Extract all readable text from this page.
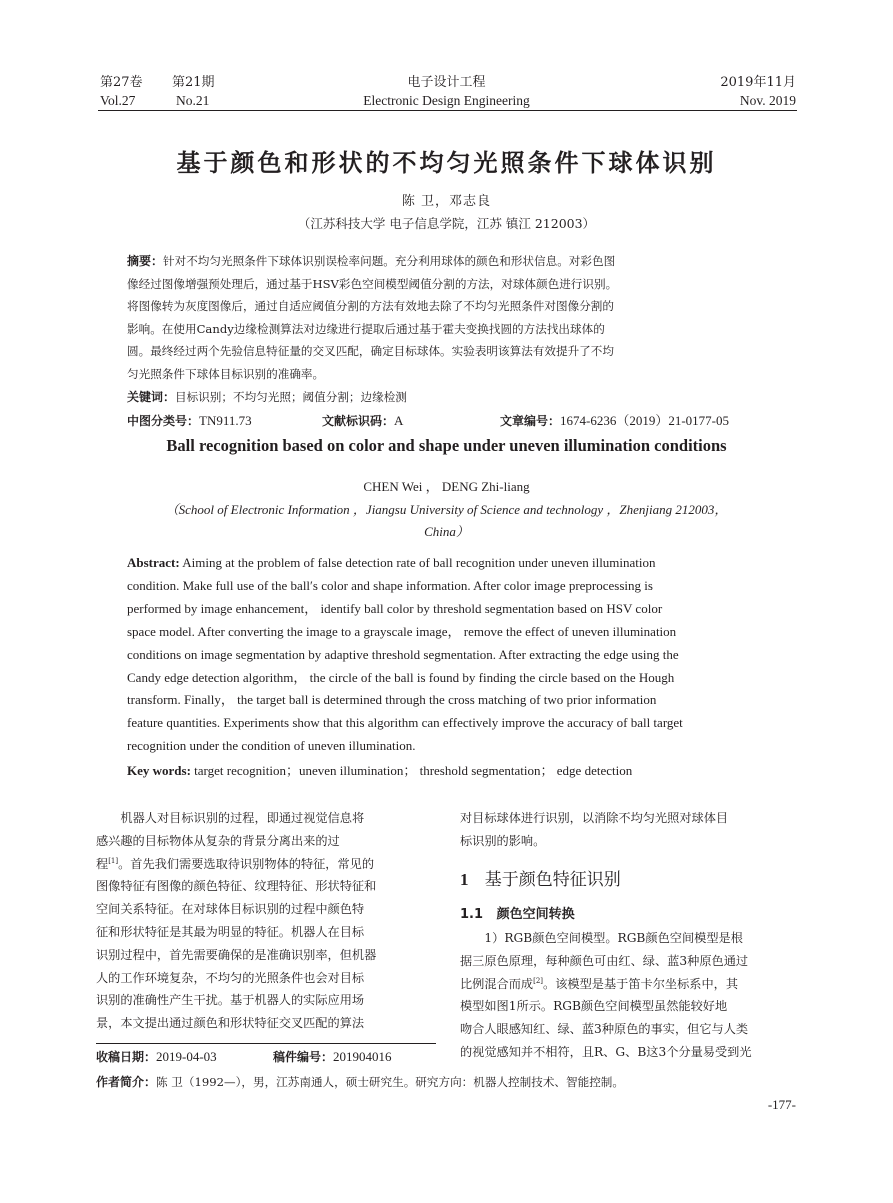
第27卷 第21期
Vol.27	No.21
电子设计工程
Electronic Design Engineering
2019年11月
Nov. 2019
基于颜色和形状的不均匀光照条件下球体识别
陈 卫，邓志良
（江苏科技大学 电子信息学院，江苏 镇江 212003）
摘要：针对不均匀光照条件下球体识别误检率问题。充分利用球体的颜色和形状信息。对彩色图
像经过图像增强预处理后，通过基于HSV彩色空间模型阈值分割的方法，对球体颜色进行识别。
将图像转为灰度图像后，通过自适应阈值分割的方法有效地去除了不均匀光照条件对图像分割的
影响。在使用Candy边缘检测算法对边缘进行提取后通过基于霍夫变换找圆的方法找出球体的
圆。最终经过两个先验信息特征量的交叉匹配，确定目标球体。实验表明该算法有效提升了不均
匀光照条件下球体目标识别的准确率。
关键词：目标识别；不均匀光照；阈值分割；边缘检测
中图分类号：TN911.73	文献标识码：A	文章编号：1674-6236（2019）21-0177-05
Ball recognition based on color and shape under uneven illumination conditions
CHEN Wei ， DENG Zhi-liang
（School of Electronic Information ，Jiangsu University of Science and technology ，Zhenjiang 212003，
China）
Abstract: Aiming at the problem of false detection rate of ball recognition under uneven illumination
condition. Make full use of the ball′s color and shape information. After color image preprocessing is
performed by image enhancement， identify ball color by threshold segmentation based on HSV color
space model. After converting the image to a grayscale image， remove the effect of uneven illumination
conditions on image segmentation by adaptive threshold segmentation. After extracting the edge using the
Candy edge detection algorithm， the circle of the ball is found by finding the circle based on the Hough
transform. Finally， the target ball is determined through the cross matching of two prior information
feature quantities. Experiments show that this algorithm can effectively improve the accuracy of ball target
recognition under the condition of uneven illumination.
Key words: target recognition；uneven illumination； threshold segmentation； edge detection
机器人对目标识别的过程，即通过视觉信息将
感兴趣的目标物体从复杂的背景分离出来的过
程[1]。首先我们需要选取待识别物体的特征，常见的
图像特征有图像的颜色特征、纹理特征、形状特征和
空间关系特征。在对球体目标识别的过程中颜色特
征和形状特征是其最为明显的特征。机器人在目标
识别过程中，首先需要确保的是准确识别率，但机器
人的工作环境复杂，不均匀的光照条件也会对目标
识别的准确性产生干扰。基于机器人的实际应用场
景，本文提出通过颜色和形状特征交叉匹配的算法
收稿日期：2019-04-03	稿件编号：201904016
作者简介：陈 卫（1992—），男，江苏南通人，硕士研究生。研究方向：机器人控制技术、智能控制。
对目标球体进行识别，以消除不均匀光照对球体目
标识别的影响。
1 基于颜色特征识别
1.1 颜色空间转换
1）RGB颜色空间模型。RGB颜色空间模型是根
据三原色原理，每种颜色可由红、绿、蓝3种原色通过
比例混合而成[2]。该模型是基于笛卡尔坐标系中，其
模型如图1所示。RGB颜色空间模型虽然能较好地
吻合人眼感知红、绿、蓝3种原色的事实，但它与人类
的视觉感知并不相符，且R、G、B这3个分量易受到光
-177-
